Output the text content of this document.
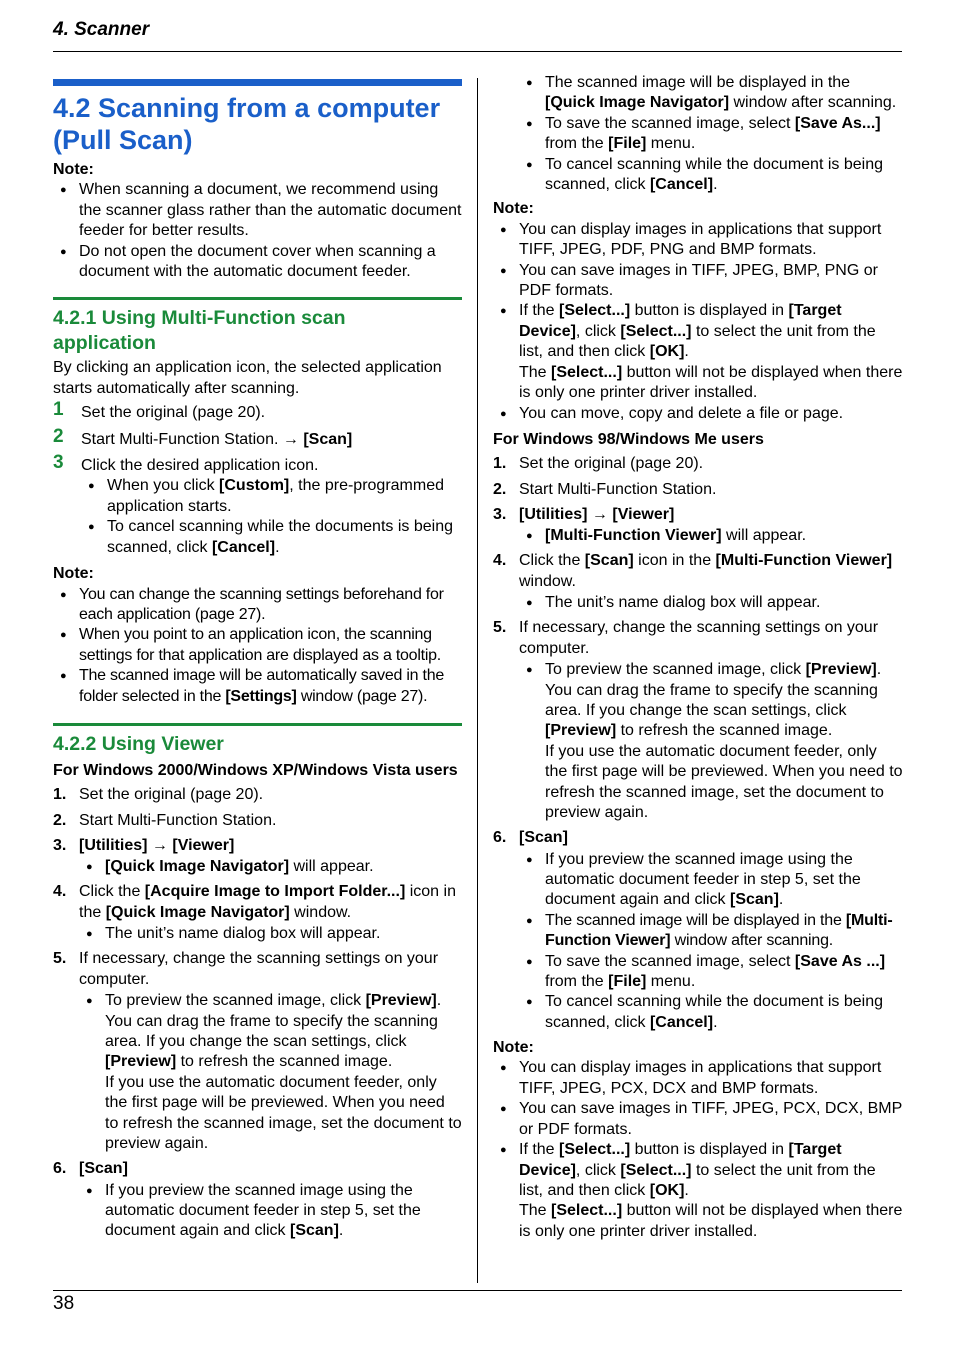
4. Scanner
38
4.2 Scanning from a computer
(Pull Scan)
Note:
● When scanning a document, we recommend using the scanner glass rather than the automatic document feeder for better results.
● Do not open the document cover when scanning a document with the automatic document feeder.
4.2.1 Using Multi-Function scan
application

By clicking an application icon, the selected application starts automatically after scanning.

1 Set the original (page 20).
2 Start Multi-Function Station. → [Scan]
3 Click the desired application icon.
● When you click [Custom], the pre-programmed application starts.
● To cancel scanning while the documents is being scanned, click [Cancel].
Note:
● You can change the scanning settings beforehand for each application (page 27).
● When you point to an application icon, the scanning settings for that application are displayed as a tooltip.
● The scanned image will be automatically saved in the folder selected in the [Settings] window (page 27).
4.2.2 Using Viewer
For Windows 2000/Windows XP/Windows Vista users
1. Set the original (page 20).
2. Start Multi-Function Station.
3. [Utilities] → [Viewer]
● [Quick Image Navigator] will appear.
4. Click the [Acquire Image to Import Folder...] icon in the [Quick Image Navigator] window.
● The unit’s name dialog box will appear.
5. If necessary, change the scanning settings on your computer.
● To preview the scanned image, click [Preview]. You can drag the frame to specify the scanning area. If you change the scan settings, click [Preview] to refresh the scanned image.
If you use the automatic document feeder, only the first page will be previewed. When you need to refresh the scanned image, set the document to preview again.
6. [Scan]
● If you preview the scanned image using the automatic document feeder in step 5, set the document again and click [Scan].
● The scanned image will be displayed in the [Quick Image Navigator] window after scanning.
● To save the scanned image, select [Save As...] from the [File] menu.
● To cancel scanning while the document is being scanned, click [Cancel].
Note:
● You can display images in applications that support TIFF, JPEG, PDF, PNG and BMP formats.
● You can save images in TIFF, JPEG, BMP, PNG or PDF formats.
● If the [Select...] button is displayed in [Target Device], click [Select...] to select the unit from the list, and then click [OK].
The [Select...] button will not be displayed when there is only one printer driver installed.
● You can move, copy and delete a file or page.
For Windows 98/Windows Me users
1. Set the original (page 20).
2. Start Multi-Function Station.
3. [Utilities] → [Viewer]
● [Multi-Function Viewer] will appear.
4. Click the [Scan] icon in the [Multi-Function Viewer] window.
● The unit’s name dialog box will appear.
5. If necessary, change the scanning settings on your computer.
● To preview the scanned image, click [Preview]. You can drag the frame to specify the scanning area. If you change the scan settings, click [Preview] to refresh the scanned image.
If you use the automatic document feeder, only the first page will be previewed. When you need to refresh the scanned image, set the document to preview again.
6. [Scan]
● If you preview the scanned image using the automatic document feeder in step 5, set the document again and click [Scan].
● The scanned image will be displayed in the [Multi-Function Viewer] window after scanning.
● To save the scanned image, select [Save As ...] from the [File] menu.
● To cancel scanning while the document is being scanned, click [Cancel].
Note:
● You can display images in applications that support TIFF, JPEG, PCX, DCX and BMP formats.
● You can save images in TIFF, JPEG, PCX, DCX, BMP or PDF formats.
● If the [Select...] button is displayed in [Target Device], click [Select...] to select the unit from the list, and then click [OK].
The [Select...] button will not be displayed when there is only one printer driver installed.
